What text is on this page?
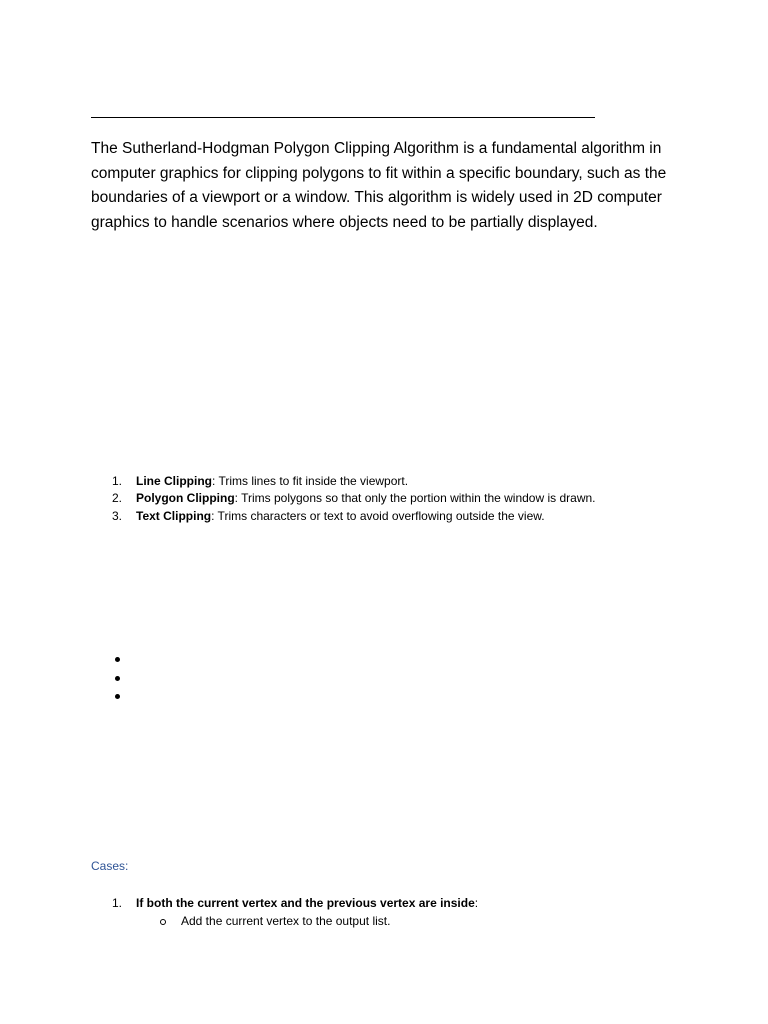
The Sutherland-Hodgman Polygon Clipping Algorithm is a fundamental algorithm in computer graphics for clipping polygons to fit within a specific boundary, such as the boundaries of a viewport or a window. This algorithm is widely used in 2D computer graphics to handle scenarios where objects need to be partially displayed.

1. Line Clipping: Trims lines to fit inside the viewport.
2. Polygon Clipping: Trims polygons so that only the portion within the window is drawn.
3. Text Clipping: Trims characters or text to avoid overflowing outside the view.
Cases:
1. If both the current vertex and the previous vertex are inside:
Add the current vertex to the output list.
